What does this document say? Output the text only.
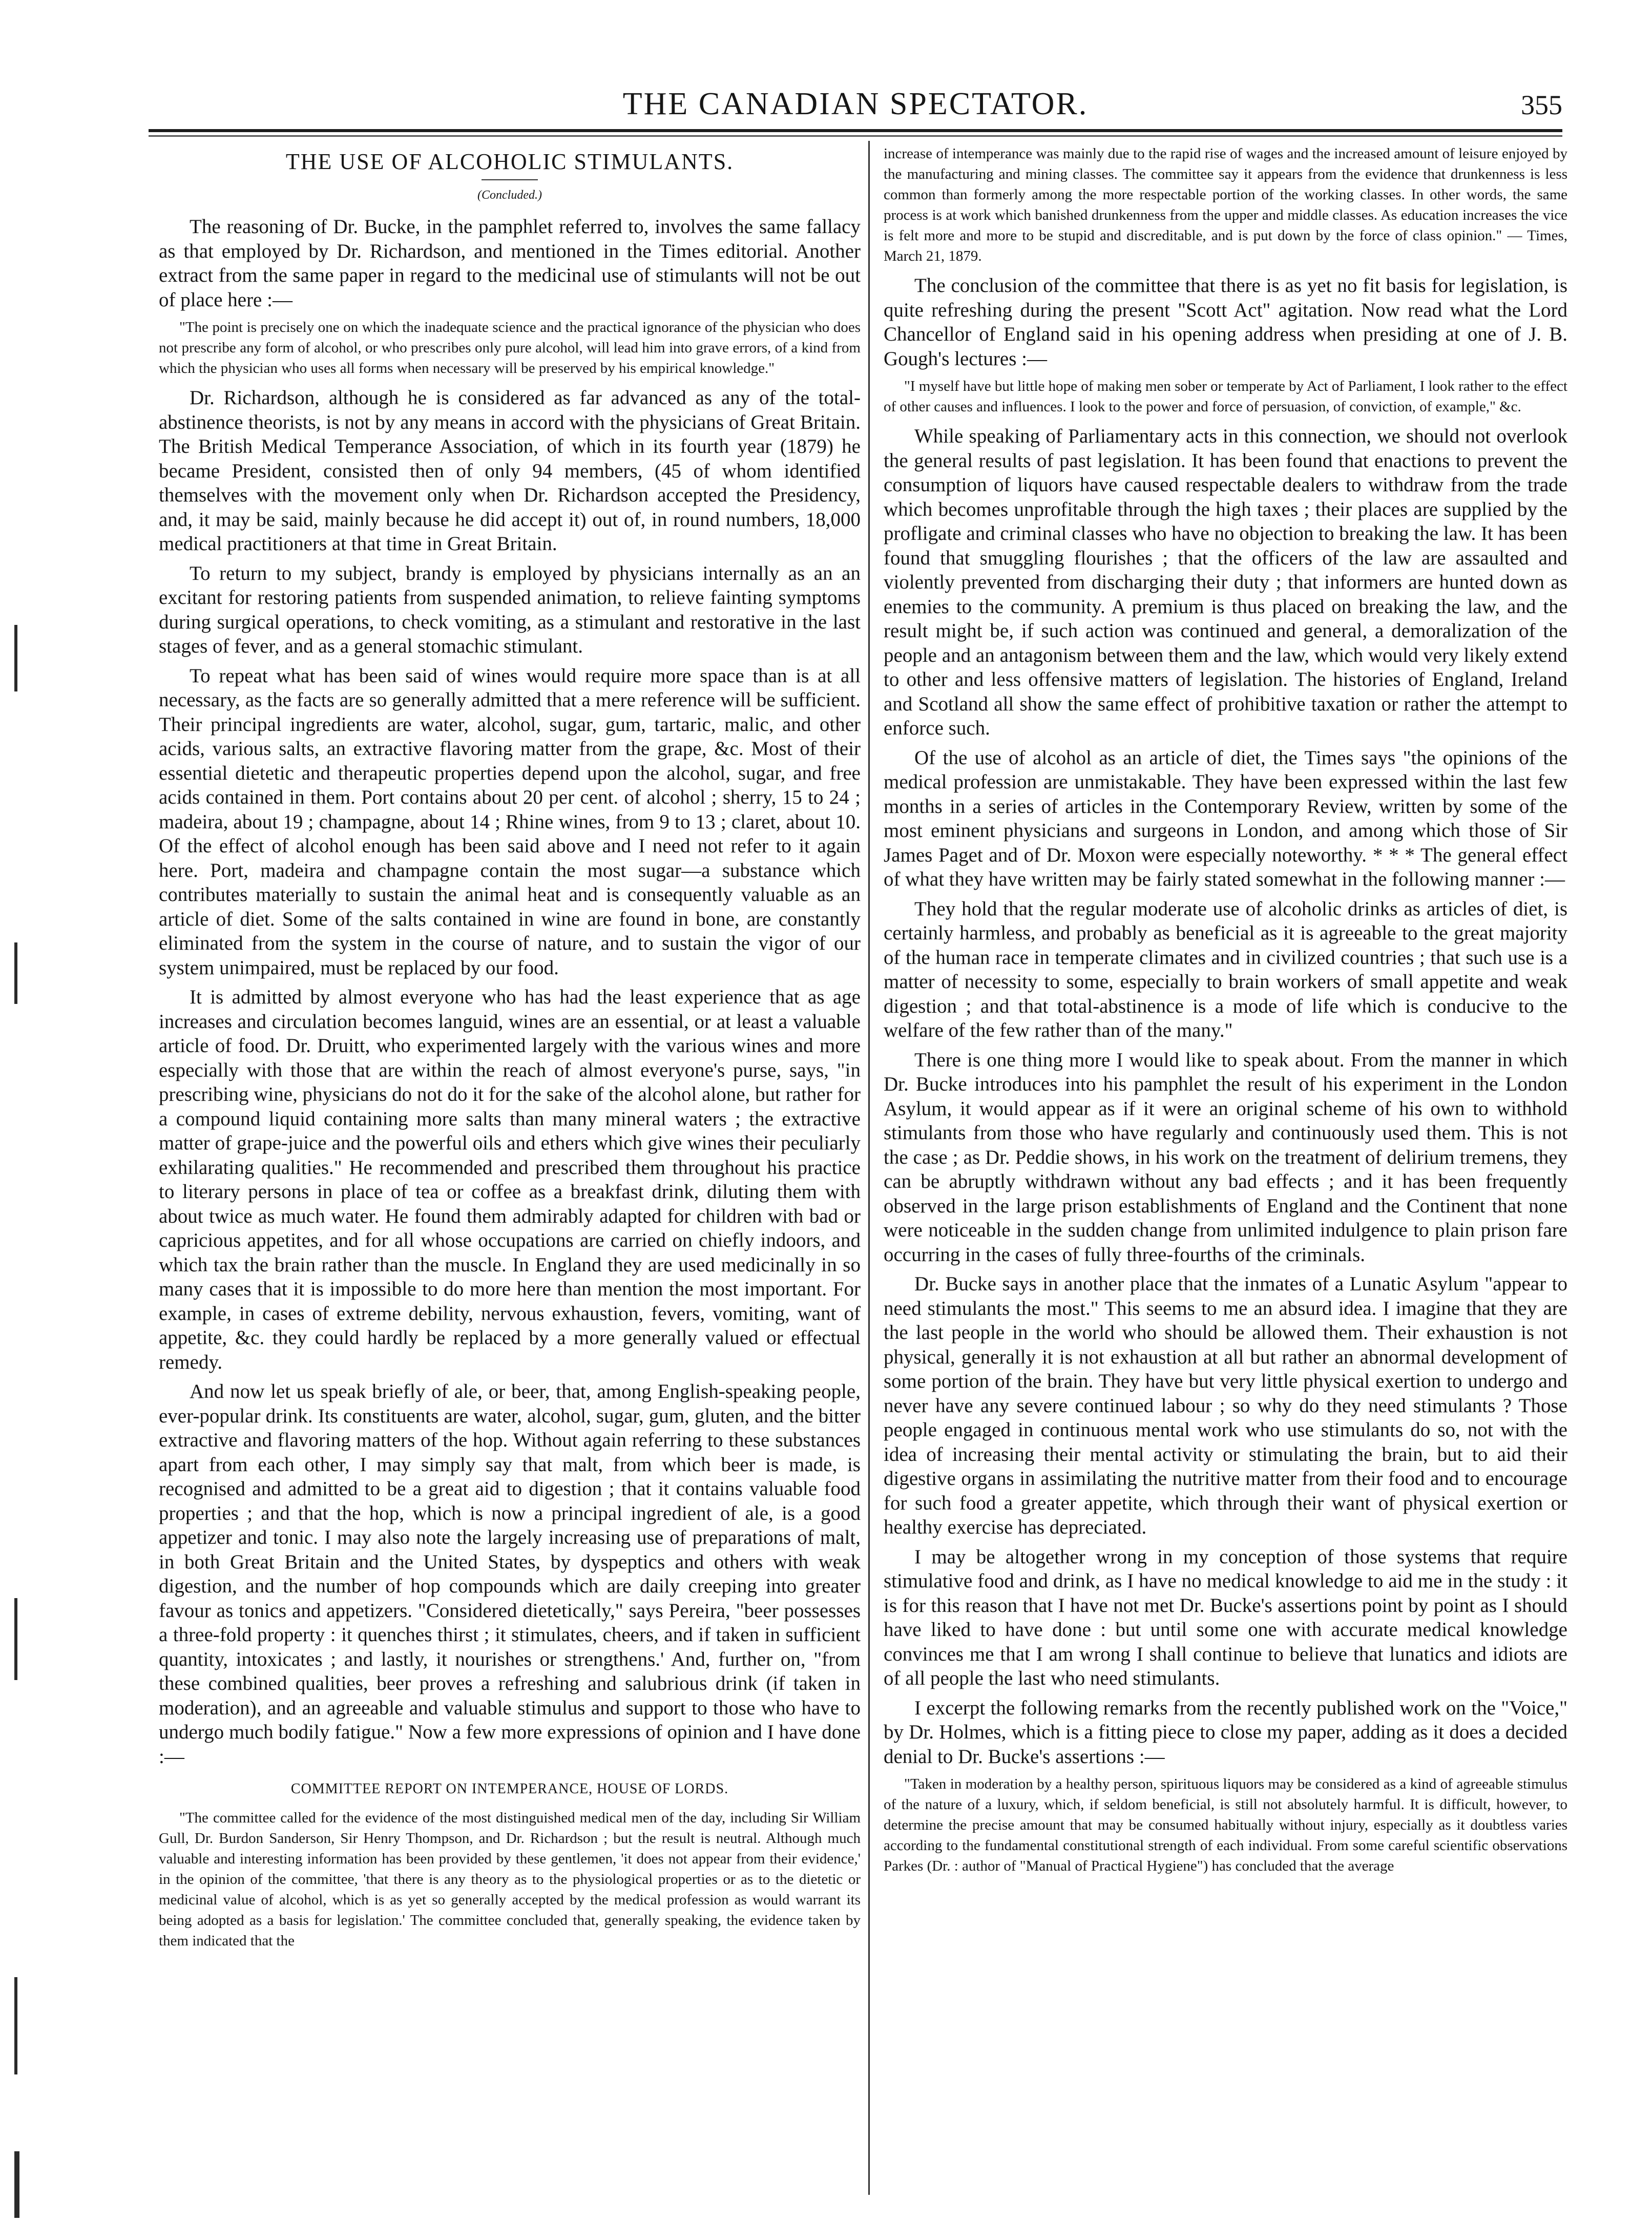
THE CANADIAN SPECTATOR.	355
THE USE OF ALCOHOLIC STIMULANTS.
(Concluded.)

The reasoning of Dr. Bucke, in the pamphlet referred to, involves the same fallacy as that employed by Dr. Richardson, and mentioned in the Times editorial. Another extract from the same paper in regard to the medicinal use of stimulants will not be out of place here :—

"The point is precisely one on which the inadequate science and the practical ignorance of the physician who does not prescribe any form of alcohol, or who prescribes only pure alcohol, will lead him into grave errors, of a kind from which the physician who uses all forms when necessary will be preserved by his empirical knowledge."

Dr. Richardson, although he is considered as far advanced as any of the total-abstinence theorists, is not by any means in accord with the physicians of Great Britain. The British Medical Temperance Association, of which in its fourth year (1879) he became President, consisted then of only 94 members, (45 of whom identified themselves with the movement only when Dr. Richardson accepted the Presidency, and, it may be said, mainly because he did accept it) out of, in round numbers, 18,000 medical practitioners at that time in Great Britain.

To return to my subject, brandy is employed by physicians internally as an an excitant for restoring patients from suspended animation, to relieve fainting symptoms during surgical operations, to check vomiting, as a stimulant and restorative in the last stages of fever, and as a general stomachic stimulant.

To repeat what has been said of wines would require more space than is at all necessary, as the facts are so generally admitted that a mere reference will be sufficient. Their principal ingredients are water, alcohol, sugar, gum, tartaric, malic, and other acids, various salts, an extractive flavoring matter from the grape, &c. Most of their essential dietetic and therapeutic properties depend upon the alcohol, sugar, and free acids contained in them. Port contains about 20 per cent. of alcohol ; sherry, 15 to 24 ; madeira, about 19 ; champagne, about 14 ; Rhine wines, from 9 to 13 ; claret, about 10. Of the effect of alcohol enough has been said above and I need not refer to it again here. Port, madeira and champagne contain the most sugar—a substance which contributes materially to sustain the animal heat and is consequently valuable as an article of diet. Some of the salts contained in wine are found in bone, are constantly eliminated from the system in the course of nature, and to sustain the vigor of our system unimpaired, must be replaced by our food.

It is admitted by almost everyone who has had the least experience that as age increases and circulation becomes languid, wines are an essential, or at least a valuable article of food. Dr. Druitt, who experimented largely with the various wines and more especially with those that are within the reach of almost everyone's purse, says, "in prescribing wine, physicians do not do it for the sake of the alcohol alone, but rather for a compound liquid containing more salts than many mineral waters ; the extractive matter of grape-juice and the powerful oils and ethers which give wines their peculiarly exhilarating qualities." He recommended and prescribed them throughout his practice to literary persons in place of tea or coffee as a breakfast drink, diluting them with about twice as much water. He found them admirably adapted for children with bad or capricious appetites, and for all whose occupations are carried on chiefly indoors, and which tax the brain rather than the muscle. In England they are used medicinally in so many cases that it is impossible to do more here than mention the most important. For example, in cases of extreme debility, nervous exhaustion, fevers, vomiting, want of appetite, &c. they could hardly be replaced by a more generally valued or effectual remedy.

And now let us speak briefly of ale, or beer, that, among English-speaking people, ever-popular drink. Its constituents are water, alcohol, sugar, gum, gluten, and the bitter extractive and flavoring matters of the hop. Without again referring to these substances apart from each other, I may simply say that malt, from which beer is made, is recognised and admitted to be a great aid to digestion ; that it contains valuable food properties ; and that the hop, which is now a principal ingredient of ale, is a good appetizer and tonic. I may also note the largely increasing use of preparations of malt, in both Great Britain and the United States, by dyspeptics and others with weak digestion, and the number of hop compounds which are daily creeping into greater favour as tonics and appetizers. "Considered dietetically," says Pereira, "beer possesses a three-fold property : it quenches thirst ; it stimulates, cheers, and if taken in sufficient quantity, intoxicates ; and lastly, it nourishes or strengthens.' And, further on, "from these combined qualities, beer proves a refreshing and salubrious drink (if taken in moderation), and an agreeable and valuable stimulus and support to those who have to undergo much bodily fatigue." Now a few more expressions of opinion and I have done :—

COMMITTEE REPORT ON INTEMPERANCE, HOUSE OF LORDS.

"The committee called for the evidence of the most distinguished medical men of the day, including Sir William Gull, Dr. Burdon Sanderson, Sir Henry Thompson, and Dr. Richardson ; but the result is neutral. Although much valuable and interesting information has been provided by these gentlemen, 'it does not appear from their evidence,' in the opinion of the committee, 'that there is any theory as to the physiological properties or as to the dietetic or medicinal value of alcohol, which is as yet so generally accepted by the medical profession as would warrant its being adopted as a basis for legislation.' The committee concluded that, generally speaking, the evidence taken by them indicated that the

increase of intemperance was mainly due to the rapid rise of wages and the increased amount of leisure enjoyed by the manufacturing and mining classes. The committee say it appears from the evidence that drunkenness is less common than formerly among the more respectable portion of the working classes. In other words, the same process is at work which banished drunkenness from the upper and middle classes. As education increases the vice is felt more and more to be stupid and discreditable, and is put down by the force of class opinion." — Times, March 21, 1879.

The conclusion of the committee that there is as yet no fit basis for legislation, is quite refreshing during the present "Scott Act" agitation. Now read what the Lord Chancellor of England said in his opening address when presiding at one of J. B. Gough's lectures :—

"I myself have but little hope of making men sober or temperate by Act of Parliament, I look rather to the effect of other causes and influences. I look to the power and force of persuasion, of conviction, of example," &c.

While speaking of Parliamentary acts in this connection, we should not overlook the general results of past legislation. It has been found that enactions to prevent the consumption of liquors have caused respectable dealers to withdraw from the trade which becomes unprofitable through the high taxes ; their places are supplied by the profligate and criminal classes who have no objection to breaking the law. It has been found that smuggling flourishes ; that the officers of the law are assaulted and violently prevented from discharging their duty ; that informers are hunted down as enemies to the community. A premium is thus placed on breaking the law, and the result might be, if such action was continued and general, a demoralization of the people and an antagonism between them and the law, which would very likely extend to other and less offensive matters of legislation. The histories of England, Ireland and Scotland all show the same effect of prohibitive taxation or rather the attempt to enforce such.

Of the use of alcohol as an article of diet, the Times says "the opinions of the medical profession are unmistakable. They have been expressed within the last few months in a series of articles in the Contemporary Review, written by some of the most eminent physicians and surgeons in London, and among which those of Sir James Paget and of Dr. Moxon were especially noteworthy. * * * The general effect of what they have written may be fairly stated somewhat in the following manner :—

They hold that the regular moderate use of alcoholic drinks as articles of diet, is certainly harmless, and probably as beneficial as it is agreeable to the great majority of the human race in temperate climates and in civilized countries ; that such use is a matter of necessity to some, especially to brain workers of small appetite and weak digestion ; and that total-abstinence is a mode of life which is conducive to the welfare of the few rather than of the many."

There is one thing more I would like to speak about. From the manner in which Dr. Bucke introduces into his pamphlet the result of his experiment in the London Asylum, it would appear as if it were an original scheme of his own to withhold stimulants from those who have regularly and continuously used them. This is not the case ; as Dr. Peddie shows, in his work on the treatment of delirium tremens, they can be abruptly withdrawn without any bad effects ; and it has been frequently observed in the large prison establishments of England and the Continent that none were noticeable in the sudden change from unlimited indulgence to plain prison fare occurring in the cases of fully three-fourths of the criminals.

Dr. Bucke says in another place that the inmates of a Lunatic Asylum "appear to need stimulants the most." This seems to me an absurd idea. I imagine that they are the last people in the world who should be allowed them. Their exhaustion is not physical, generally it is not exhaustion at all but rather an abnormal development of some portion of the brain. They have but very little physical exertion to undergo and never have any severe continued labour ; so why do they need stimulants ? Those people engaged in continuous mental work who use stimulants do so, not with the idea of increasing their mental activity or stimulating the brain, but to aid their digestive organs in assimilating the nutritive matter from their food and to encourage for such food a greater appetite, which through their want of physical exertion or healthy exercise has depreciated.

I may be altogether wrong in my conception of those systems that require stimulative food and drink, as I have no medical knowledge to aid me in the study : it is for this reason that I have not met Dr. Bucke's assertions point by point as I should have liked to have done : but until some one with accurate medical knowledge convinces me that I am wrong I shall continue to believe that lunatics and idiots are of all people the last who need stimulants.

I excerpt the following remarks from the recently published work on the "Voice," by Dr. Holmes, which is a fitting piece to close my paper, adding as it does a decided denial to Dr. Bucke's assertions :—

"Taken in moderation by a healthy person, spirituous liquors may be considered as a kind of agreeable stimulus of the nature of a luxury, which, if seldom beneficial, is still not absolutely harmful. It is difficult, however, to determine the precise amount that may be consumed habitually without injury, especially as it doubtless varies according to the fundamental constitutional strength of each individual. From some careful scientific observations Parkes (Dr. : author of "Manual of Practical Hygiene") has concluded that the average
